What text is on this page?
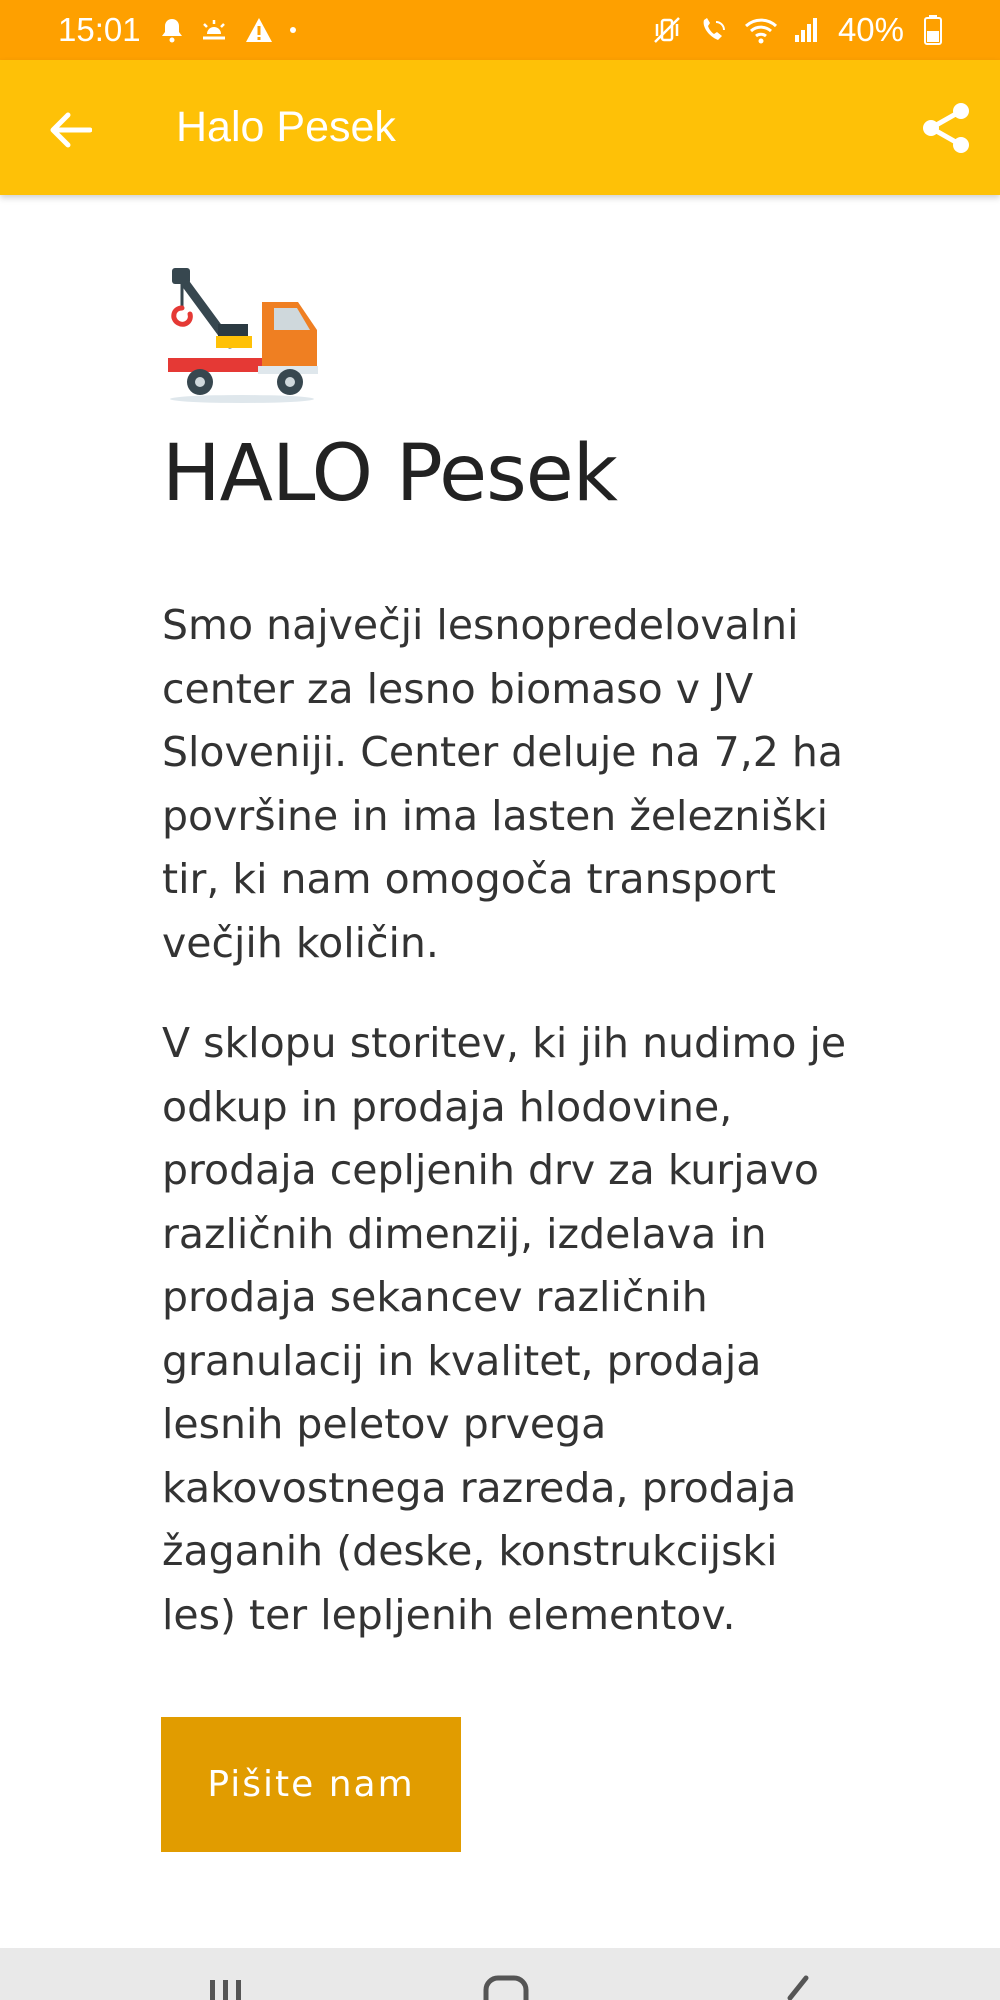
15:01	40%
Halo Pesek
HALO Pesek

Smo največji lesnopredelovalni center za lesno biomaso v JV Sloveniji. Center deluje na 7,2 ha površine in ima lasten železniški tir, ki nam omogoča transport večjih količin.

V sklopu storitev, ki jih nudimo je odkup in prodaja hlodovine, prodaja cepljenih drv za kurjavo različnih dimenzij, izdelava in prodaja sekancev različnih granulacij in kvalitet, prodaja lesnih peletov prvega kakovostnega razreda, prodaja žaganih (deske, konstrukcijski les) ter lepljenih elementov.

Pišite nam
